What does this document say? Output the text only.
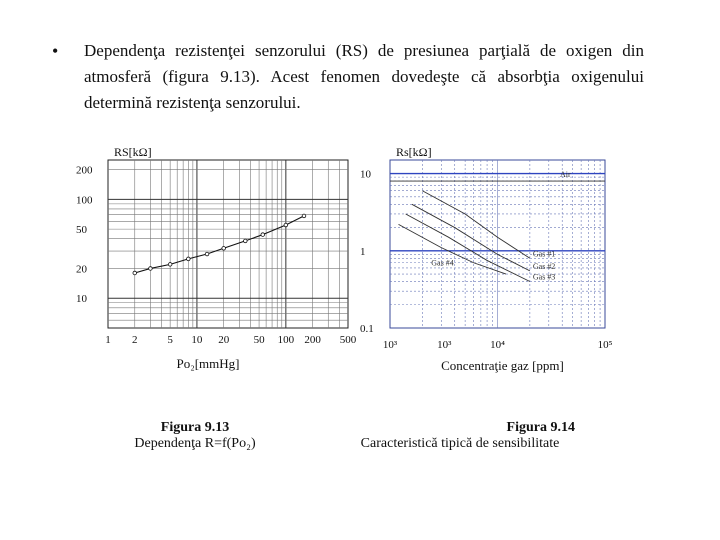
• Dependenţa rezistenţei senzorului (RS) de presiunea parţială de oxigen din atmosferă (figura 9.13). Acest fenomen dovedeşte că absorbţia oxigenului determină rezistenţa senzorului.

1 2	5 10 20 50 100 200 500
200
100
50
20
10
RS[kΩ]
Po₂[mmHg]
Air
Gas #1
Gas #2
Gas #3
Gas #4
10
1
0.1
10³	10³	10⁴	10⁵
Rs[kΩ]
Concentraţie gaz [ppm]
Figura 9.13
Dependenţa R=f(Po₂)
Figura 9.14
Caracteristică tipică de sensibilitate
